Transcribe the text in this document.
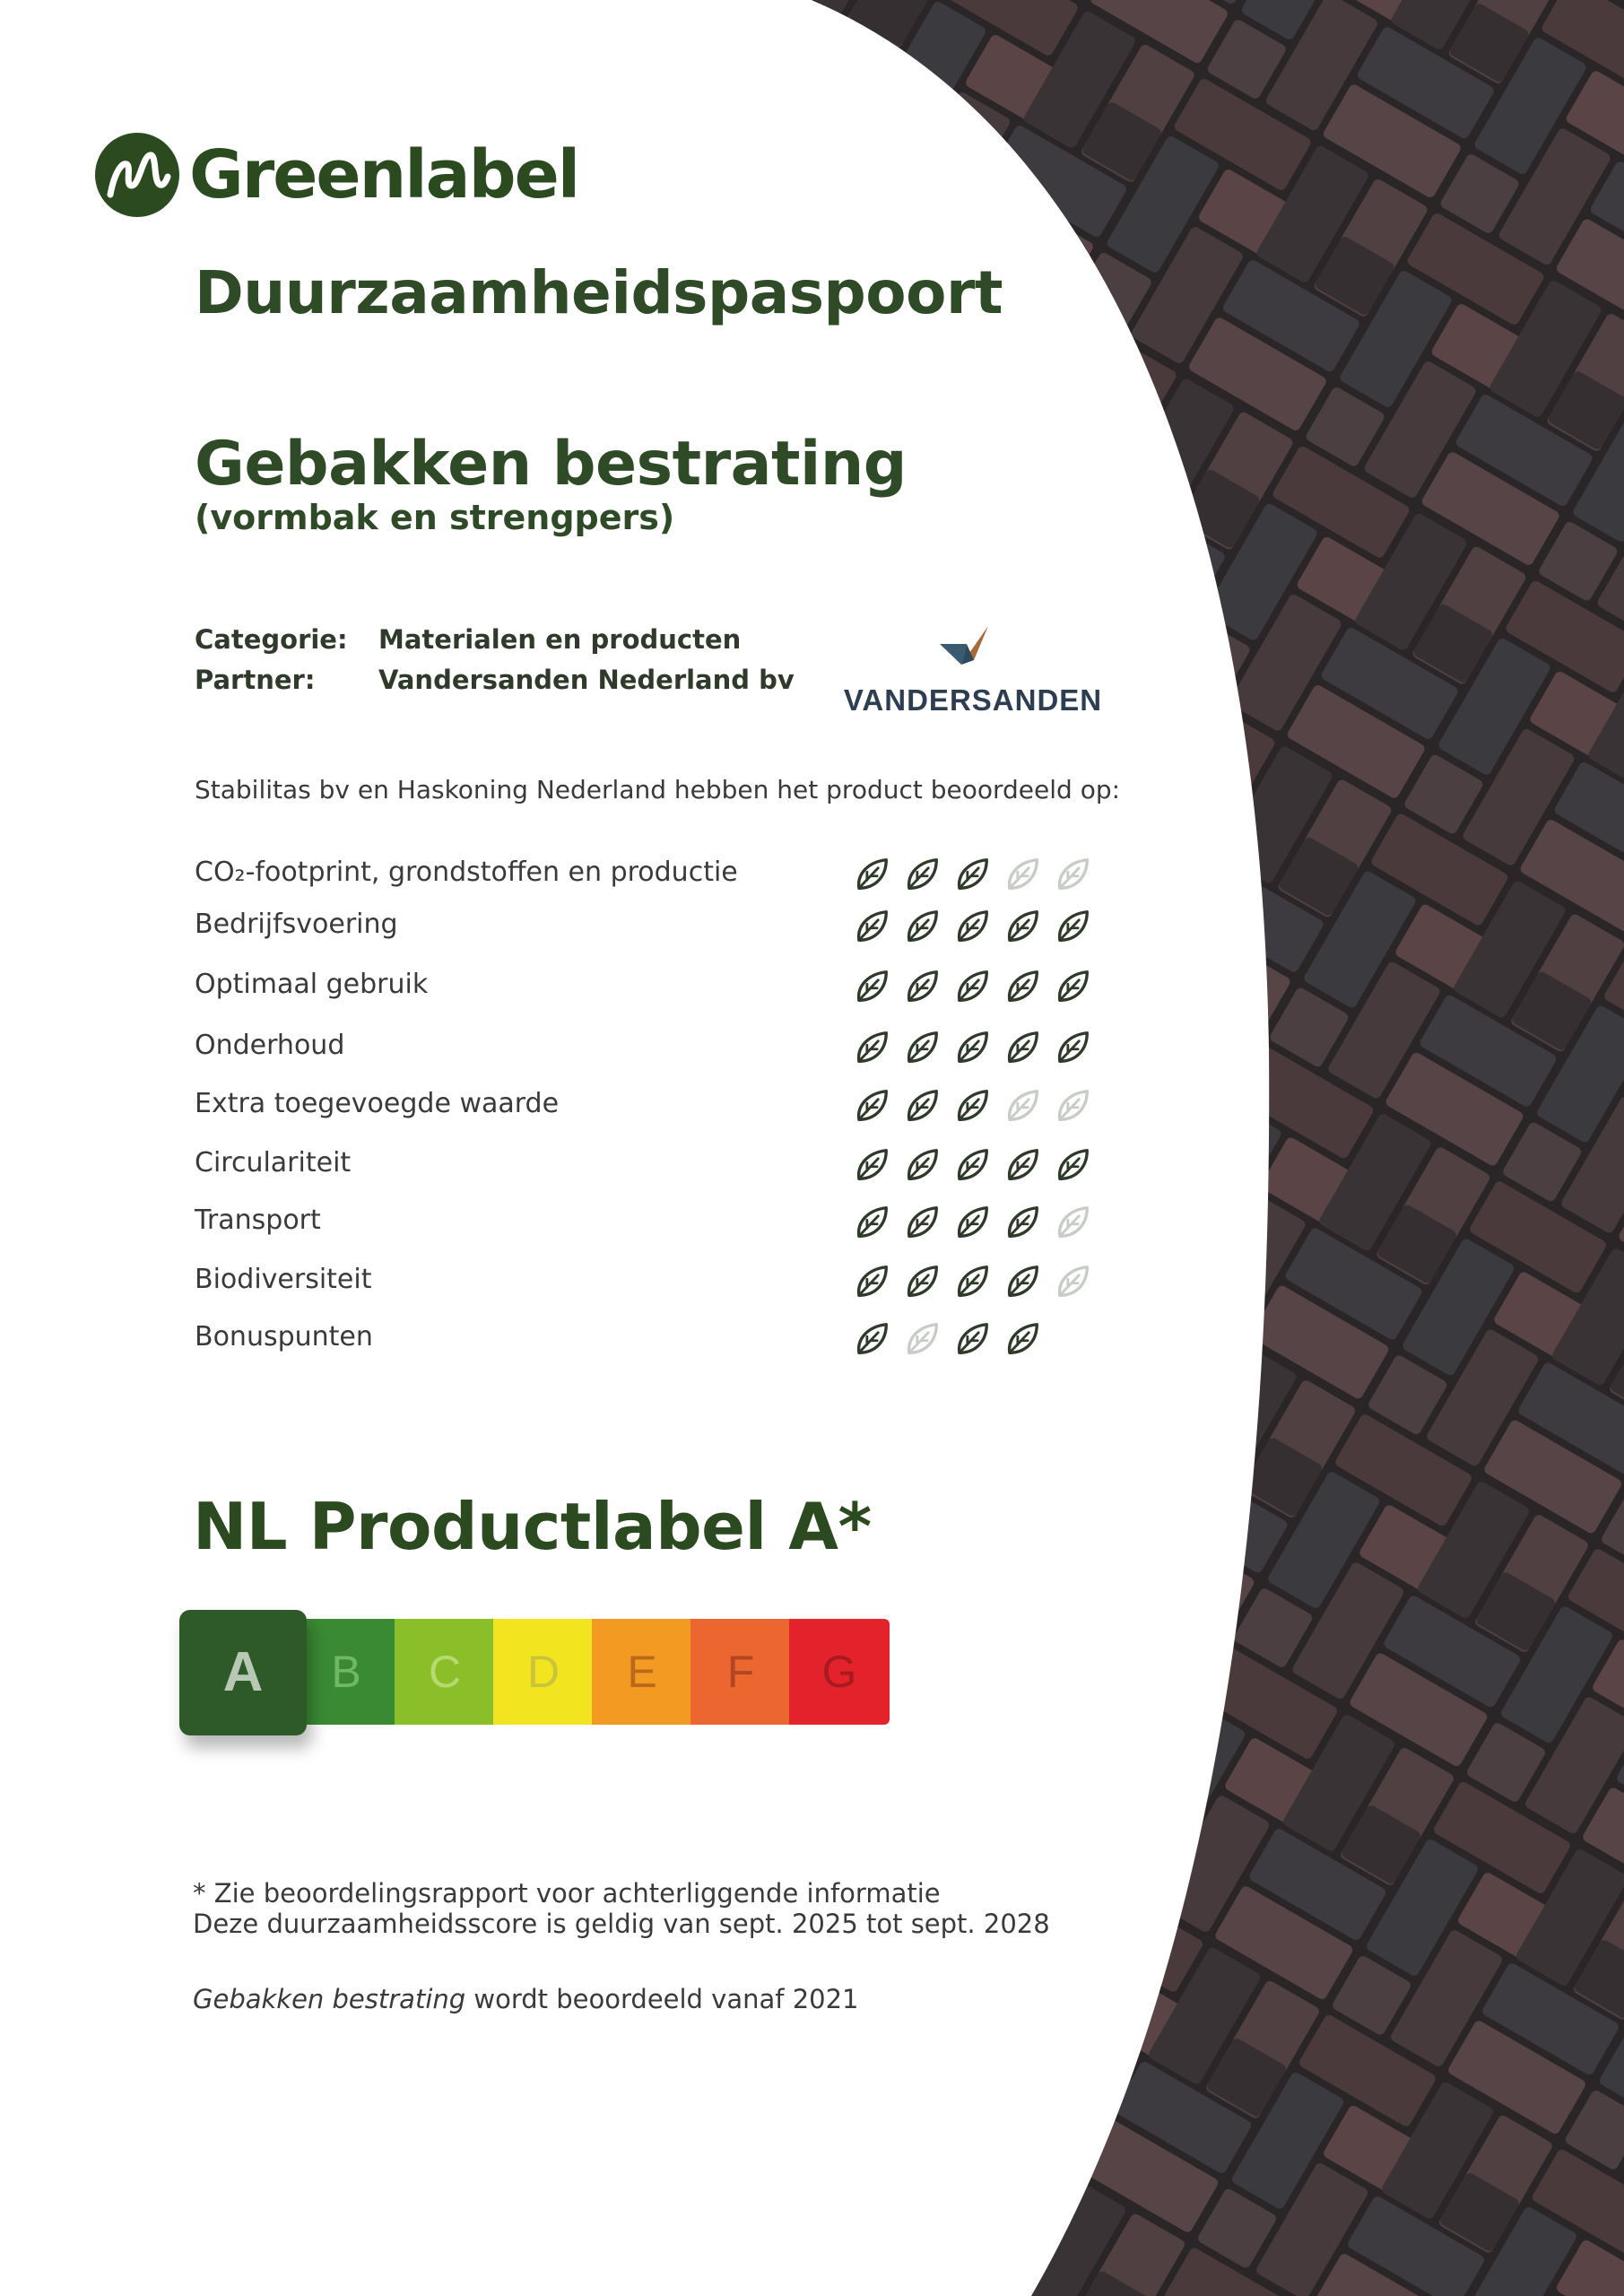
Greenlabel
Duurzaamheidspaspoort
Gebakken bestrating
(vormbak en strengpers)
Categorie: Materialen en producten
Partner: Vandersanden Nederland bv
VANDERSANDEN
Stabilitas bv en Haskoning Nederland hebben het product beoordeeld op:
CO₂-footprint, grondstoffen en productie
Bedrijfsvoering
Optimaal gebruik
Onderhoud
Extra toegevoegde waarde
Circulariteit
Transport
Biodiversiteit
Bonuspunten
NL Productlabel A*
B	C	D	E	F	G
A
* Zie beoordelingsrapport voor achterliggende informatie
Deze duurzaamheidsscore is geldig van sept. 2025 tot sept. 2028
Gebakken bestrating wordt beoordeeld vanaf 2021
